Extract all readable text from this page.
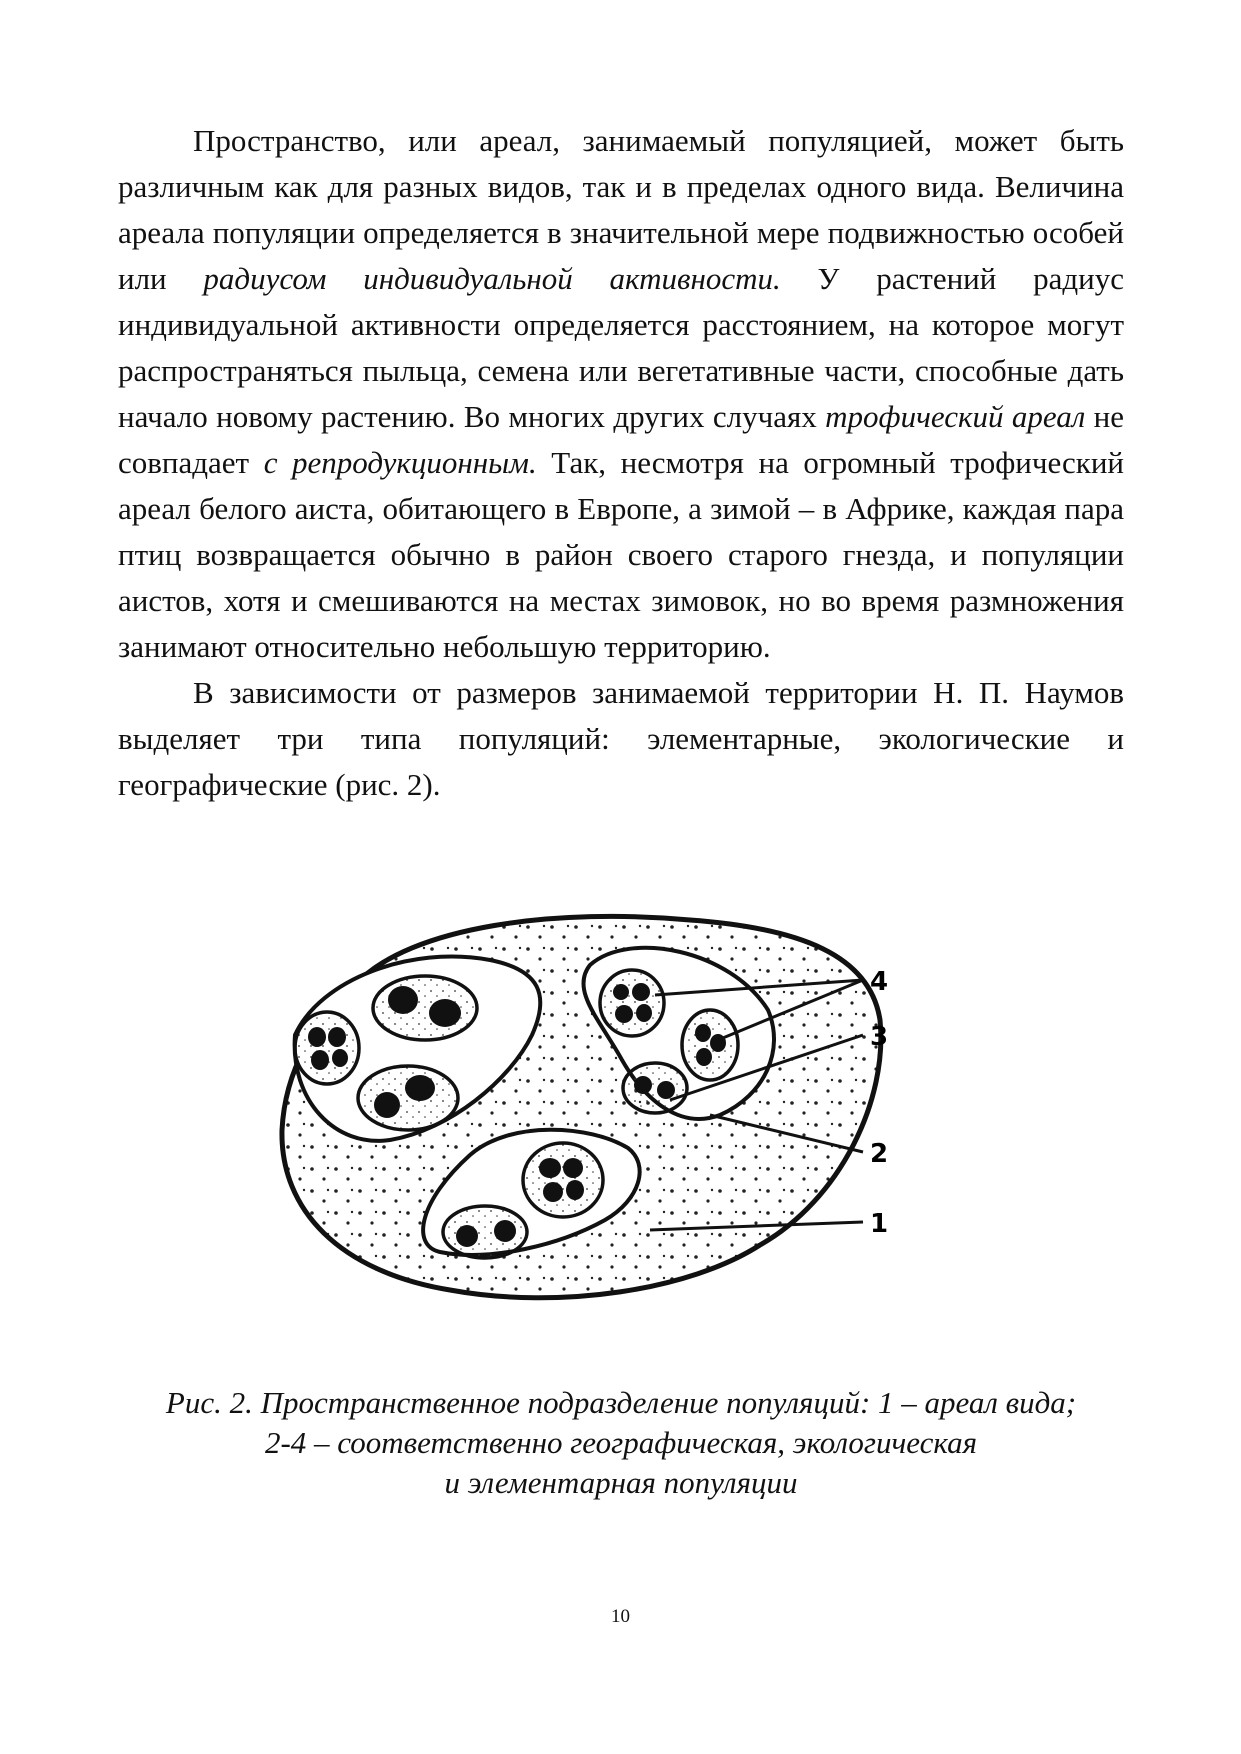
Пространство, или ареал, занимаемый популяцией, может быть различным как для разных видов, так и в пределах одного вида. Величина ареала популяции определяется в значительной мере подвижностью особей или радиусом индивидуальной активности. У растений радиус индивидуальной активности определяется расстоянием, на которое могут распространяться пыльца, семена или вегетативные части, способные дать начало новому растению. Во многих других случаях трофический ареал не совпадает с репродукционным. Так, несмотря на огромный трофический ареал белого аиста, обитающего в Европе, а зимой – в Африке, каждая пара птиц возвращается обычно в район своего старого гнезда, и популяции аистов, хотя и смешиваются на местах зимовок, но во время размножения занимают относительно небольшую территорию.

В зависимости от размеров занимаемой территории Н. П. Наумов выделяет три типа популяций: элементарные, экологические и географические (рис. 2).

4
3
2
1
Рис. 2. Пространственное подразделение популяций: 1 – ареал вида;
2-4 – соответственно географическая, экологическая
и элементарная популяции
10
